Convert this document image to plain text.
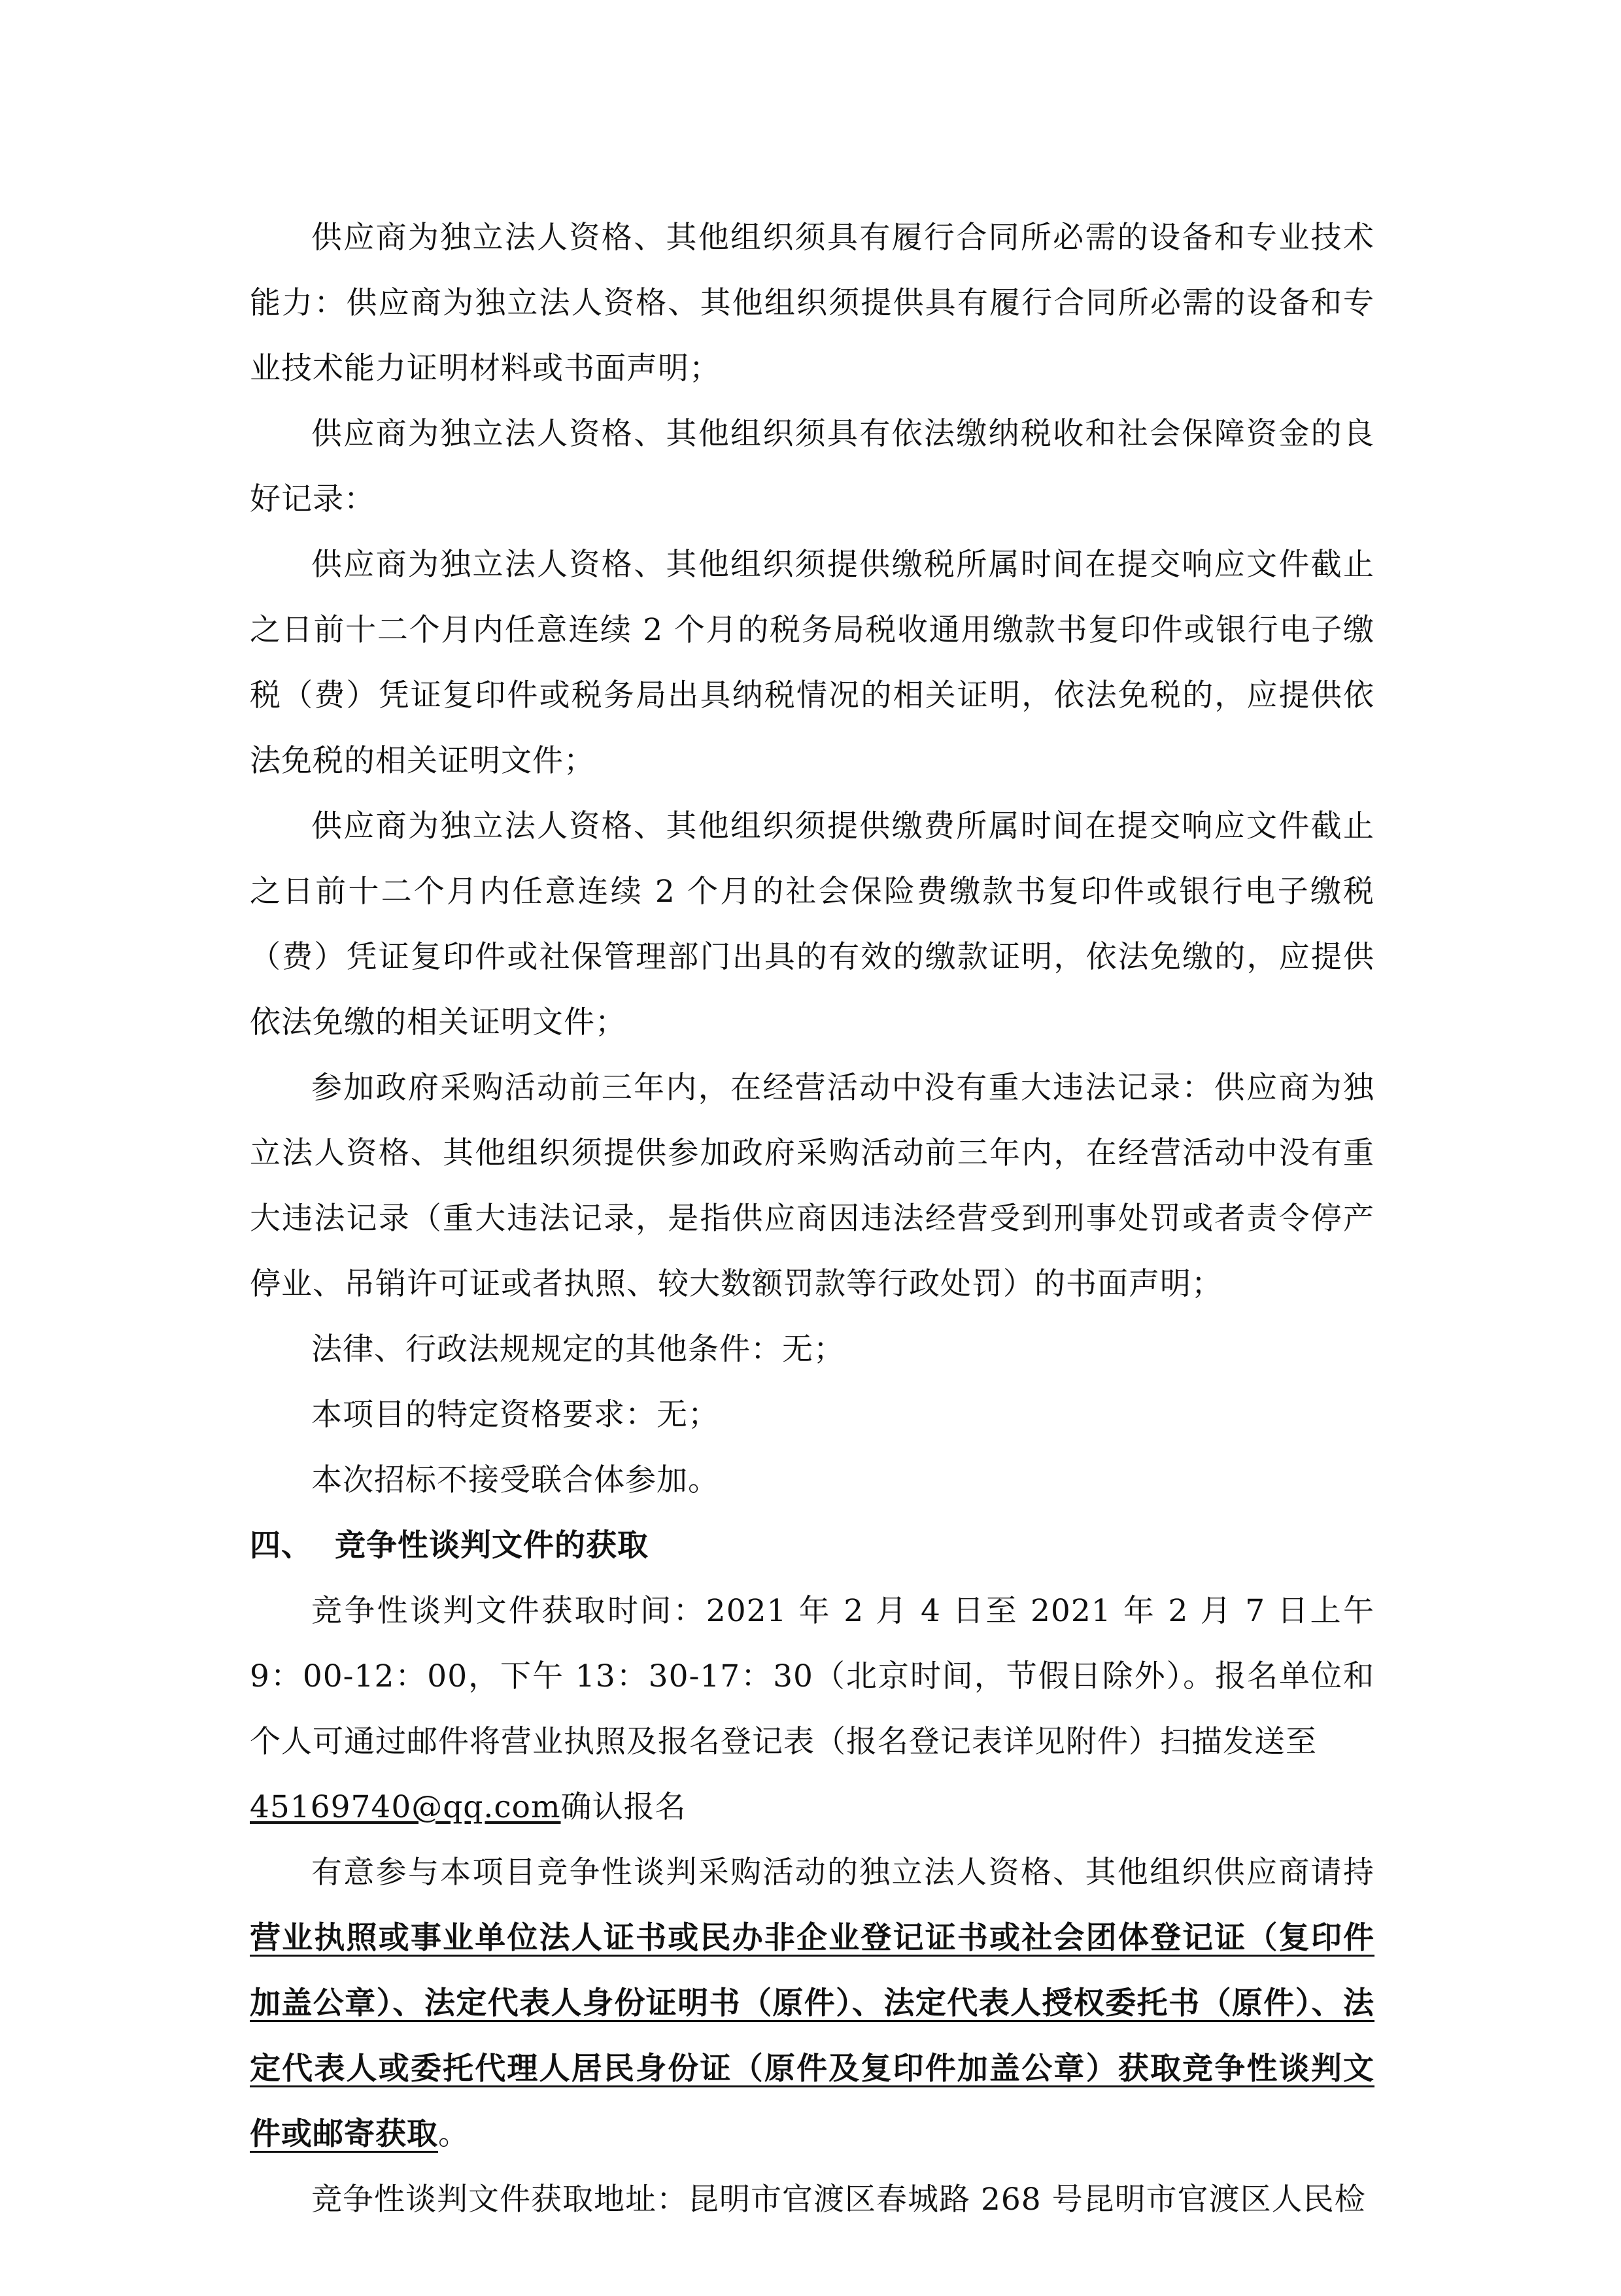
供应商为独立法人资格、其他组织须具有履行合同所必需的设备和专业技术能力：供应商为独立法人资格、其他组织须提供具有履行合同所必需的设备和专业技术能力证明材料或书面声明；

供应商为独立法人资格、其他组织须具有依法缴纳税收和社会保障资金的良好记录：

供应商为独立法人资格、其他组织须提供缴税所属时间在提交响应文件截止之日前十二个月内任意连续 2 个月的税务局税收通用缴款书复印件或银行电子缴税（费）凭证复印件或税务局出具纳税情况的相关证明，依法免税的，应提供依法免税的相关证明文件；

供应商为独立法人资格、其他组织须提供缴费所属时间在提交响应文件截止之日前十二个月内任意连续 2 个月的社会保险费缴款书复印件或银行电子缴税（费）凭证复印件或社保管理部门出具的有效的缴款证明，依法免缴的，应提供依法免缴的相关证明文件；

参加政府采购活动前三年内，在经营活动中没有重大违法记录：供应商为独立法人资格、其他组织须提供参加政府采购活动前三年内，在经营活动中没有重大违法记录（重大违法记录，是指供应商因违法经营受到刑事处罚或者责令停产停业、吊销许可证或者执照、较大数额罚款等行政处罚）的书面声明；

法律、行政法规规定的其他条件：无；

本项目的特定资格要求：无；

本次招标不接受联合体参加。

四、 竞争性谈判文件的获取

竞争性谈判文件获取时间：2021 年 2 月 4 日至 2021 年 2 月 7 日上午 9：00-12：00，下午 13：30-17：30（北京时间，节假日除外）。报名单位和个人可通过邮件将营业执照及报名登记表（报名登记表详见附件）扫描发送至

45169740@qq.com确认报名

有意参与本项目竞争性谈判采购活动的独立法人资格、其他组织供应商请持营业执照或事业单位法人证书或民办非企业登记证书或社会团体登记证（复印件加盖公章）、法定代表人身份证明书（原件）、法定代表人授权委托书（原件）、法定代表人或委托代理人居民身份证（原件及复印件加盖公章）获取竞争性谈判文件或邮寄获取。

竞争性谈判文件获取地址：昆明市官渡区春城路 268 号昆明市官渡区人民检
